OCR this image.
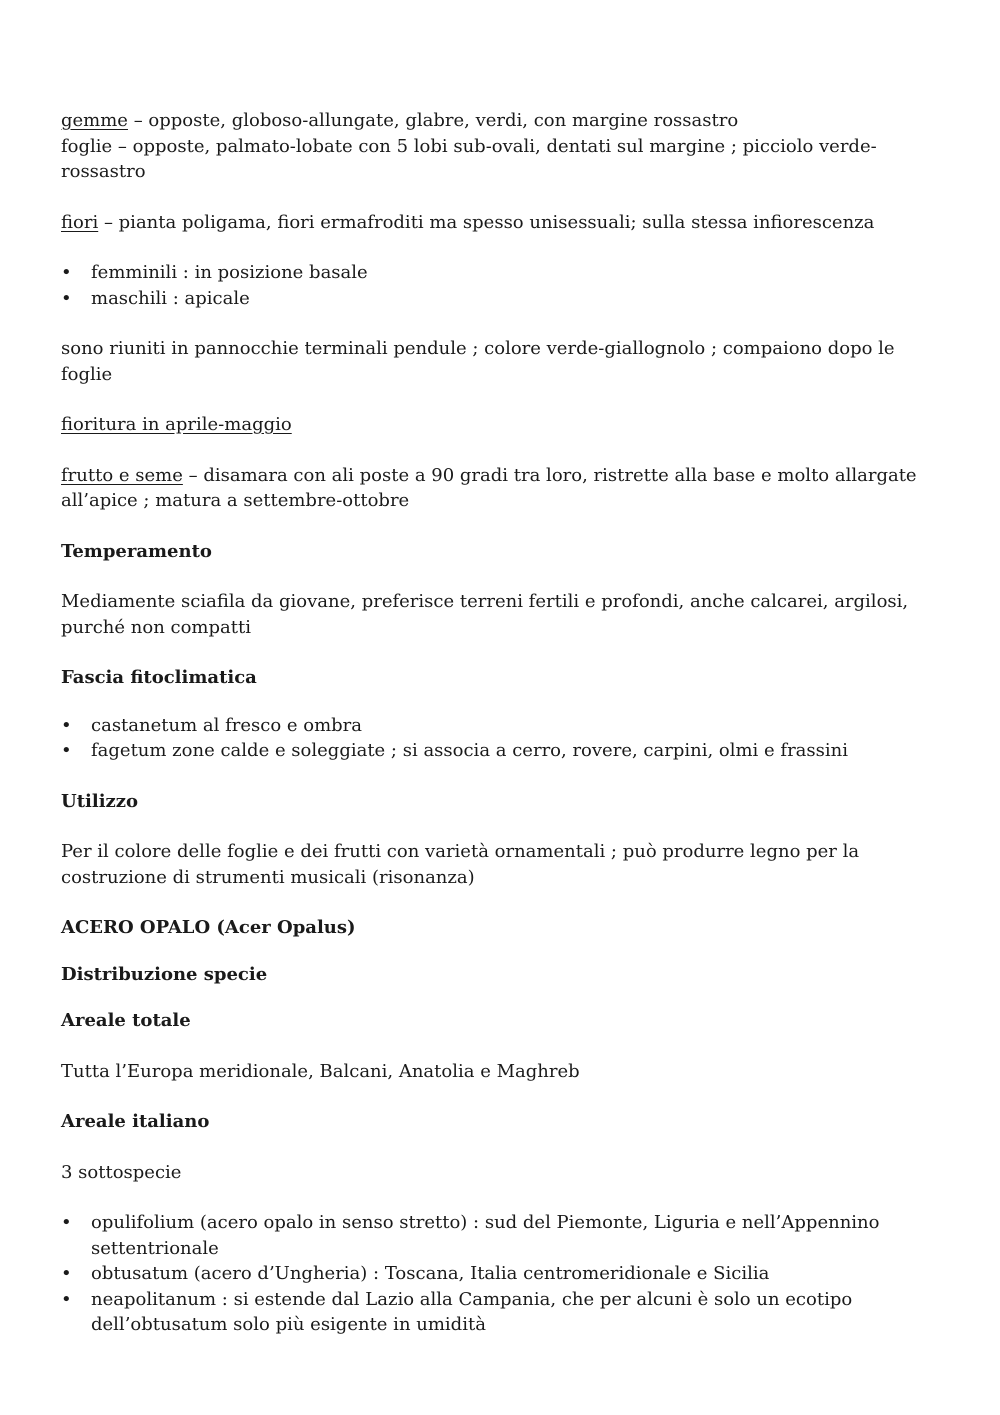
gemme – opposte, globoso-allungate, glabre, verdi, con margine rossastro

foglie – opposte, palmato-lobate con 5 lobi sub-ovali, dentati sul margine ; picciolo verde-rossastro

fiori – pianta poligama, fiori ermafroditi ma spesso unisessuali; sulla stessa infiorescenza

• femminili : in posizione basale
• maschili : apicale

sono riuniti in pannocchie terminali pendule ; colore verde-giallognolo ; compaiono dopo le foglie

fioritura in aprile-maggio

frutto e seme – disamara con ali poste a 90 gradi tra loro, ristrette alla base e molto allargate all’apice ; matura a settembre-ottobre

Temperamento

Mediamente sciafila da giovane, preferisce terreni fertili e profondi, anche calcarei, argilosi, purché non compatti

Fascia fitoclimatica

• castanetum al fresco e ombra
• fagetum zone calde e soleggiate ; si associa a cerro, rovere, carpini, olmi e frassini

Utilizzo

Per il colore delle foglie e dei frutti con varietà ornamentali ; può produrre legno per la costruzione di strumenti musicali (risonanza)

ACERO OPALO (Acer Opalus)

Distribuzione specie

Areale totale

Tutta l’Europa meridionale, Balcani, Anatolia e Maghreb

Areale italiano

3 sottospecie

• opulifolium (acero opalo in senso stretto) : sud del Piemonte, Liguria e nell’Appennino settentrionale
• obtusatum (acero d’Ungheria) : Toscana, Italia centromeridionale e Sicilia
• neapolitanum : si estende dal Lazio alla Campania, che per alcuni è solo un ecotipo dell’obtusatum solo più esigente in umidità
